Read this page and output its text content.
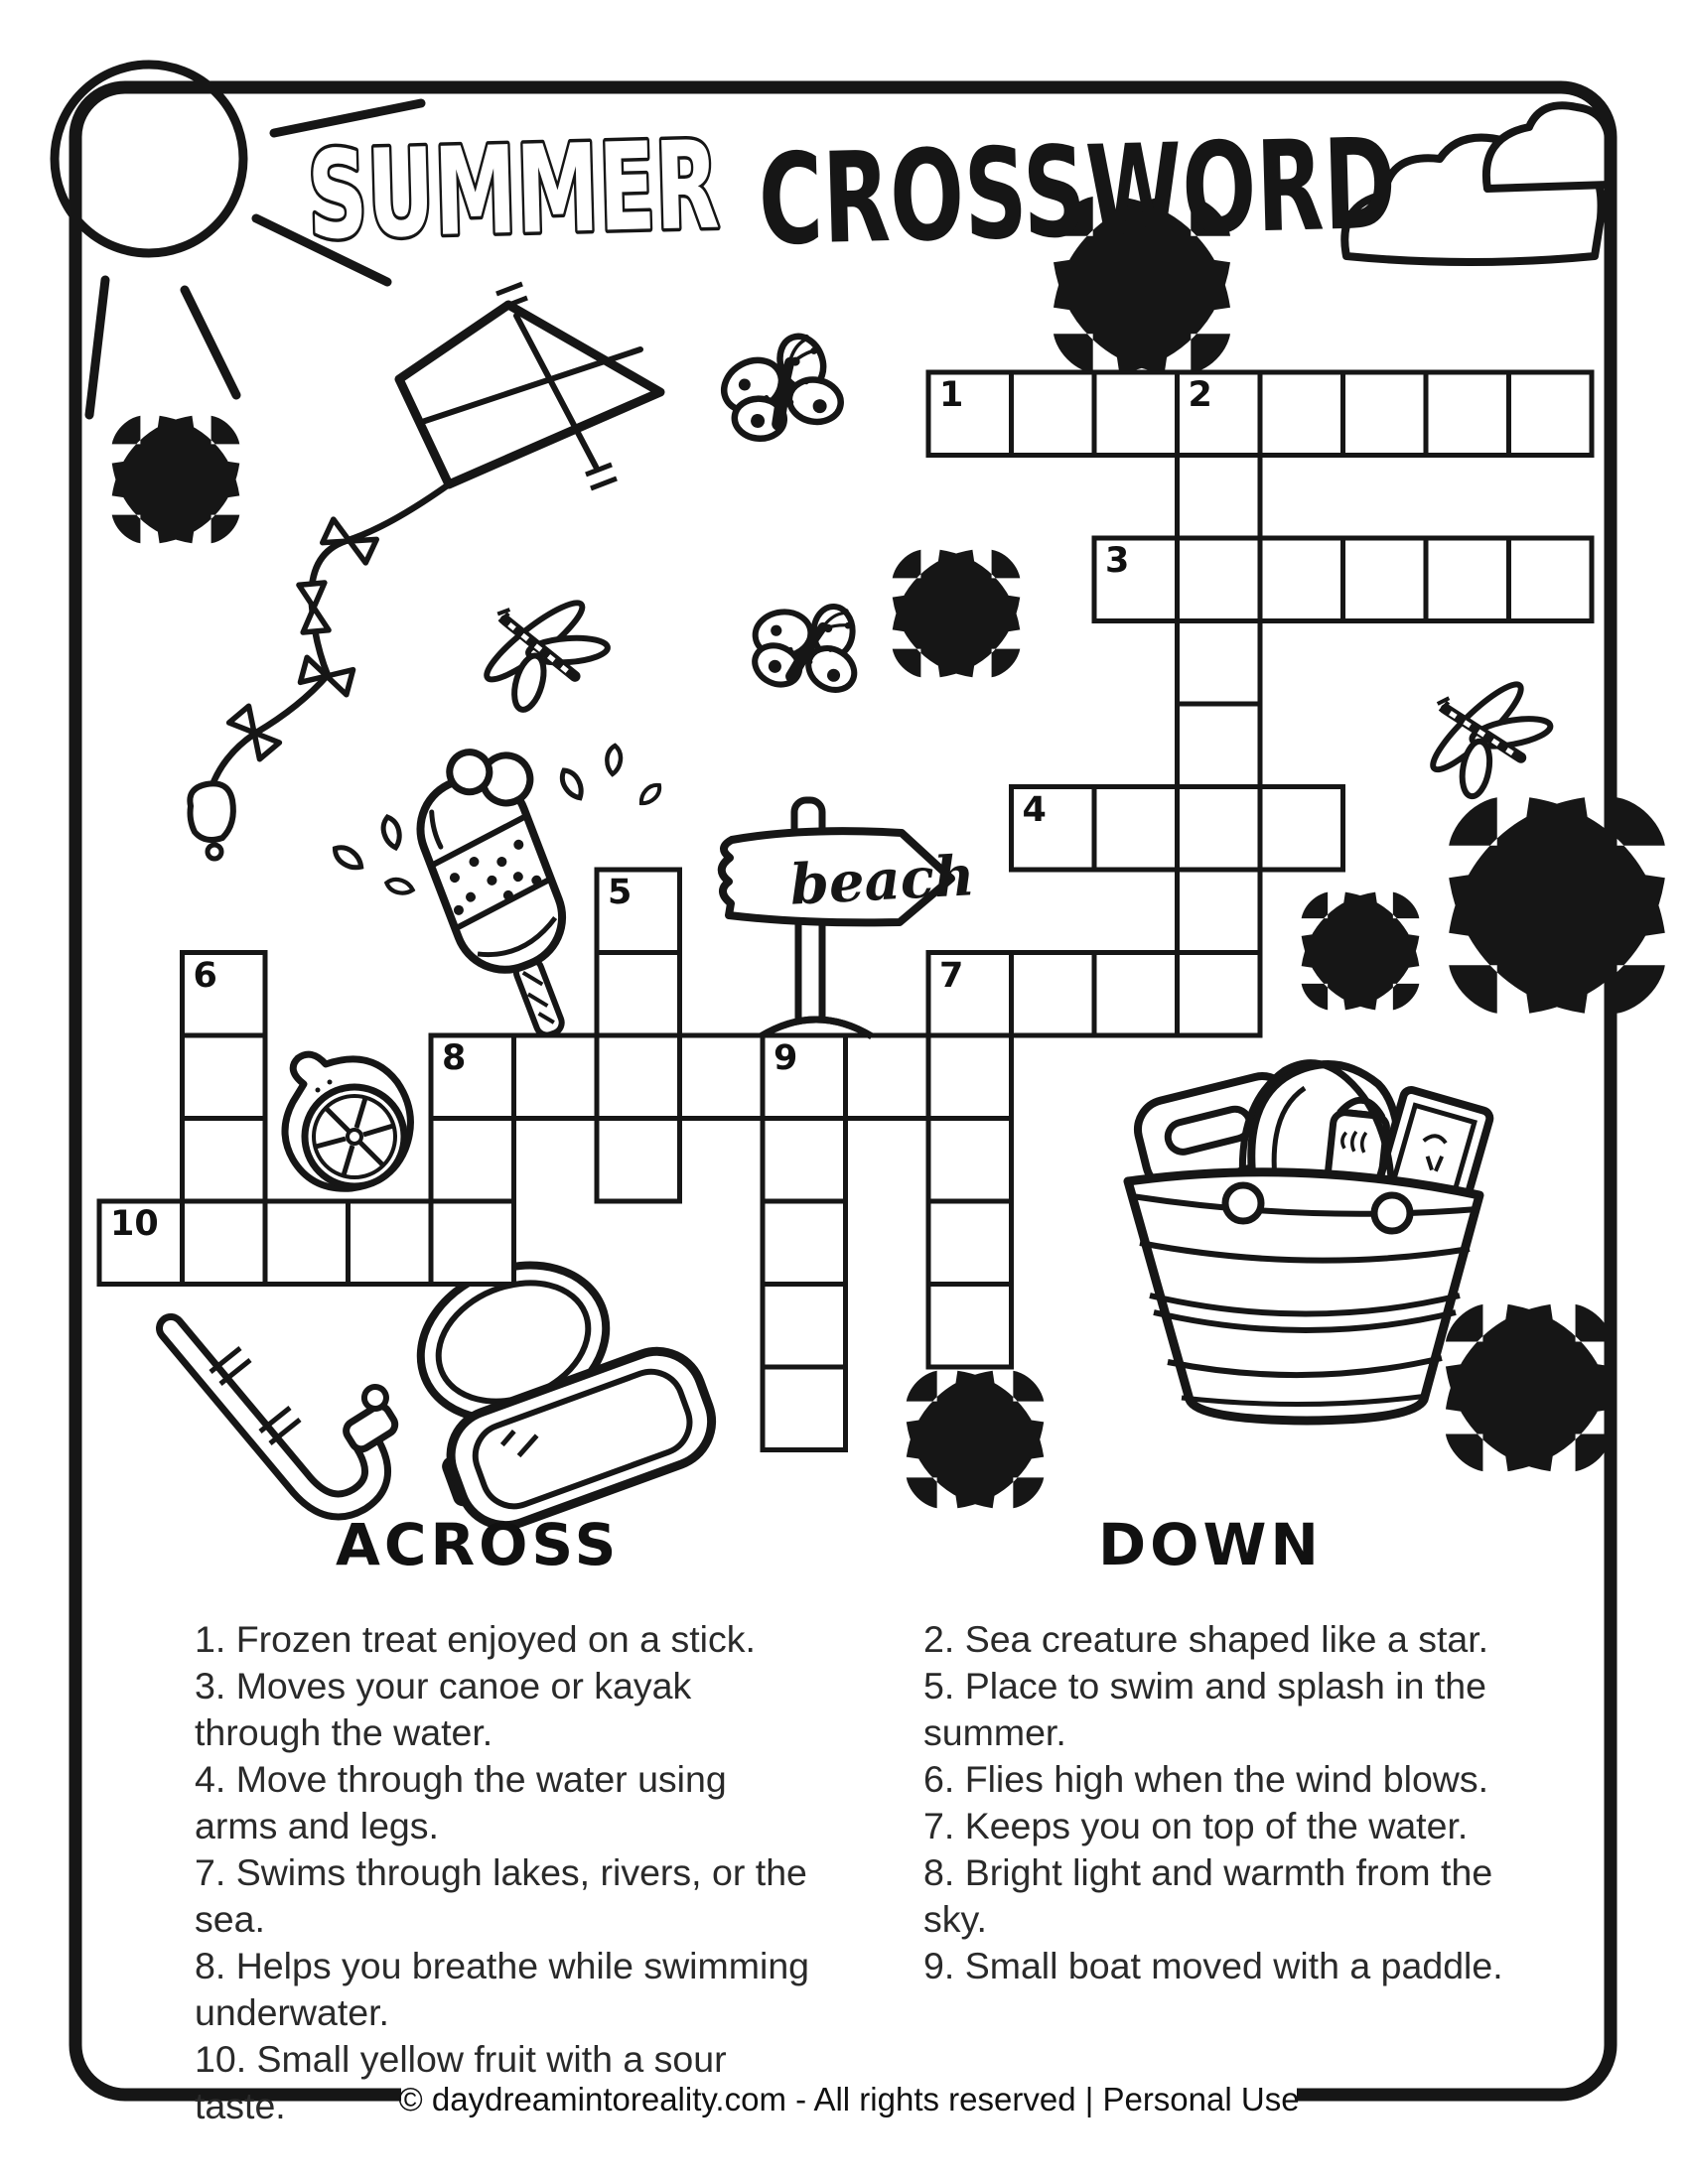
beach
SUMMER
CROSSWORD
1	2
3
4
5
6	7
8	9
10
ACROSS	DOWN
1. Frozen treat enjoyed on a stick.
3. Moves your canoe or kayak through the water.
4. Move through the water using arms and legs.
7. Swims through lakes, rivers, or the sea.
8. Helps you breathe while swimming underwater.
10. Small yellow fruit with a sour taste.
2. Sea creature shaped like a star.
5. Place to swim and splash in the summer.
6. Flies high when the wind blows.
7. Keeps you on top of the water.
8. Bright light and warmth from the sky.
9. Small boat moved with a paddle.
© daydreamintoreality.com - All rights reserved | Personal Use
